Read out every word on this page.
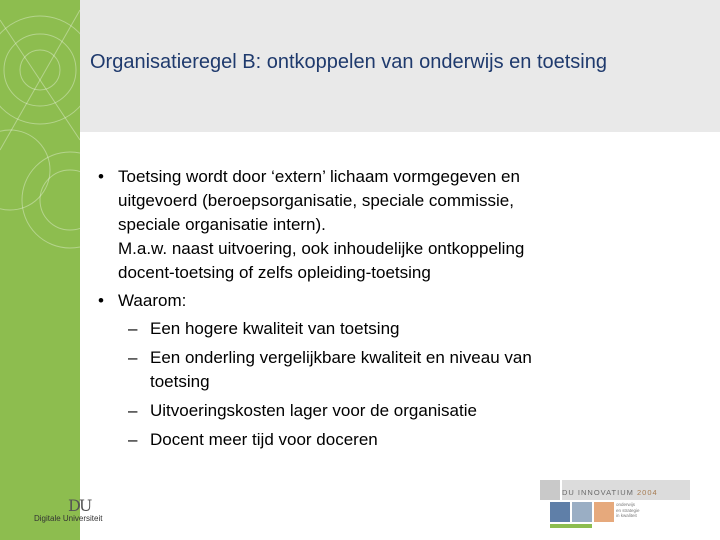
Organisatieregel B: ontkoppelen van onderwijs en toetsing
• Toetsing wordt door ‘extern’ lichaam vormgegeven en
uitgevoerd (beroepsorganisatie, speciale commissie,
speciale organisatie intern).
M.a.w. naast uitvoering, ook inhoudelijke ontkoppeling
docent-toetsing of zelfs opleiding-toetsing
• Waarom:
– Een hogere kwaliteit van toetsing
– Een onderling vergelijkbare kwaliteit en niveau van
toetsing
– Uitvoeringskosten lager voor de organisatie
– Docent meer tijd voor doceren
DU
Digitale Universiteit
DU INNOVATIUM 2004
onderwijs
en strategie
in kwaliteit
